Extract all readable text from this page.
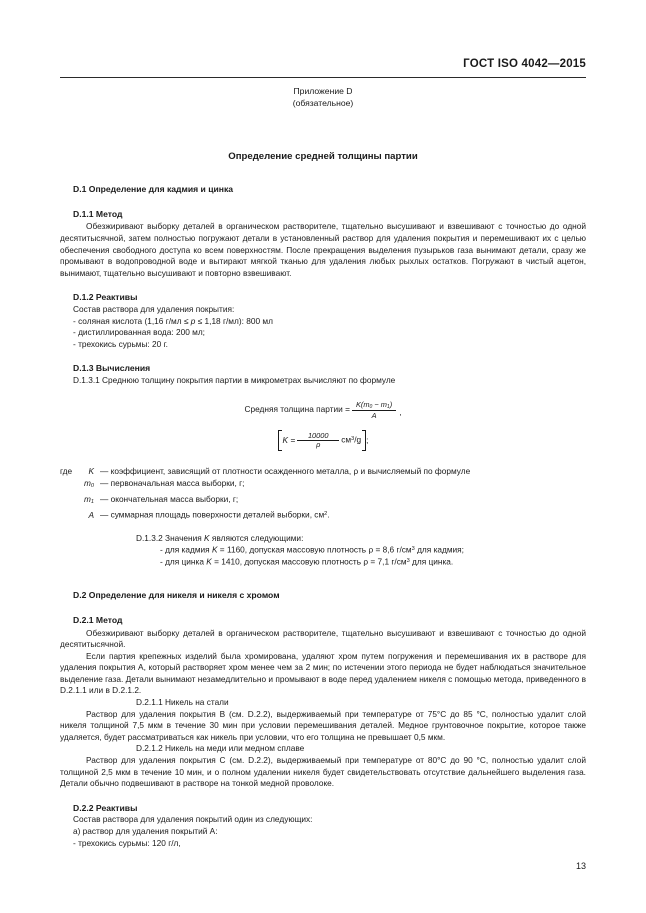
ГОСТ ISO 4042—2015
Приложение D
(обязательное)
Определение средней толщины партии
D.1 Определение для кадмия и цинка
D.1.1 Метод

Обезжиривают выборку деталей в органическом растворителе, тщательно высушивают и взвешивают с точностью до одной десятитысячной, затем полностью погружают детали в установленный раствор для удаления покрытия и перемешивают их с целью обеспечения свободного доступа ко всем поверхностям. После прекращения выделения пузырьков газа вынимают детали, сразу же промывают в водопроводной воде и вытирают мягкой тканью для удаления любых рыхлых остатков. Погружают в чистый ацетон, вынимают, тщательно высушивают и повторно взвешивают.

D.1.2 Реактивы

Состав раствора для удаления покрытия:

- соляная кислота (1,16 г/мл ≤ p ≤ 1,18 г/мл): 800 мл

- дистиллированная вода: 200 мл;

- трехокись сурьмы: 20 г.

D.1.3 Вычисления

D.1.3.1 Среднюю толщину покрытия партии в микрометрах вычисляют по формуле

Средняя толщина партии = $\frac{K(m_0 - m_1)}{A}$ ,
$K = \frac{10000}{\rho} см^3/g$ ;
где	K — коэффициент, зависящий от плотности осажденного металла, ρ и вычисляемый по формуле
$m_0$ — первоначальная масса выборки, г;
$m_1$ — окончательная масса выборки, г;
A — суммарная площадь поверхности деталей выборки, $см^2$.

D.1.3.2 Значения K являются следующими:

- для кадмия K = 1160, допуская массовую плотность ρ = 8,6 $г/см^3$ для кадмия;

- для цинка K = 1410, допуская массовую плотность ρ = 7,1 $г/см^3$ для цинка.

D.2 Определение для никеля и никеля с хромом
D.2.1 Метод

Обезжиривают выборку деталей в органическом растворителе, тщательно высушивают и взвешивают с точностью до одной десятитысячной.

Если партия крепежных изделий была хромирована, удаляют хром путем погружения и перемешивания их в растворе для удаления покрытия А, который растворяет хром менее чем за 2 мин; по истечении этого периода не будет наблюдаться значительное выделение газа. Детали вынимают незамедлительно и промывают в воде перед удалением никеля с помощью метода, приведенного в D.2.1.1 или в D.2.1.2.

D.2.1.1 Никель на стали

Раствор для удаления покрытия В (см. D.2.2), выдерживаемый при температуре от 75°С до 85 °С, полностью удалит слой никеля толщиной 7,5 мкм в течение 30 мин при условии перемешивания деталей. Медное грунтовочное покрытие, которое также удаляется, будет рассматриваться как никель при условии, что его толщина не превышает 0,5 мкм.

D.2.1.2 Никель на меди или медном сплаве

Раствор для удаления покрытия С (см. D.2.2), выдерживаемый при температуре от 80°С до 90 °С, полностью удалит слой толщиной 2,5 мкм в течение 10 мин, и о полном удалении никеля будет свидетельствовать отсутствие дальнейшего выделения газа. Детали обычно подвешивают в растворе на тонкой медной проволоке.

D.2.2 Реактивы

Состав раствора для удаления покрытий один из следующих:

а) раствор для удаления покрытий А:

- трехокись сурьмы: 120 г/л,

13
